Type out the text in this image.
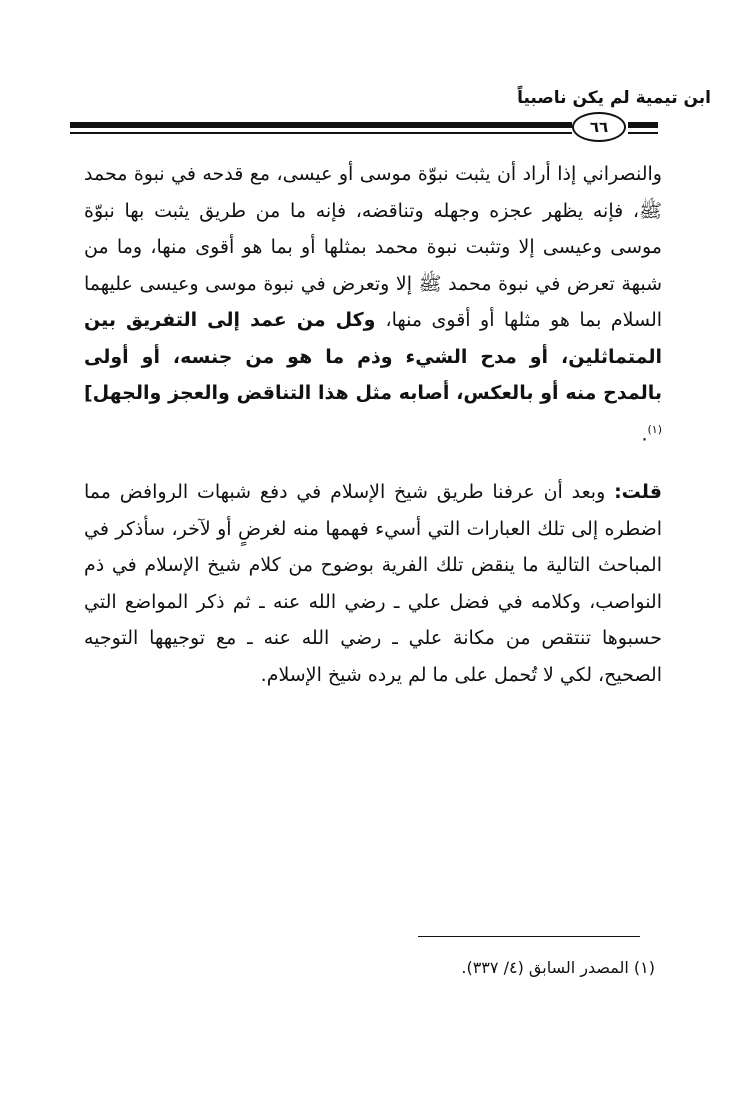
ابن تيمية لم يكن ناصبياً
٦٦
والنصراني إذا أراد أن يثبت نبوّة موسى أو عيسى، مع قدحه في نبوة محمد ﷺ، فإنه يظهر عجزه وجهله وتناقضه، فإنه ما من طريق يثبت بها نبوّة موسى وعيسى إلا وتثبت نبوة محمد بمثلها أو بما هو أقوى منها، وما من شبهة تعرض في نبوة محمد ﷺ إلا وتعرض في نبوة موسى وعيسى عليهما السلام بما هو مثلها أو أقوى منها، وكل من عمد إلى التفريق بين المتماثلين، أو مدح الشيء وذم ما هو من جنسه، أو أولى بالمدح منه أو بالعكس، أصابه مثل هذا التناقض والعجز والجهل]$^{(١)}$.
قلت: وبعد أن عرفنا طريق شيخ الإسلام في دفع شبهات الروافض مما اضطره إلى تلك العبارات التي أسيء فهمها منه لغرضٍ أو لآخر، سأذكر في المباحث التالية ما ينقض تلك الفرية بوضوح من كلام شيخ الإسلام في ذم النواصب، وكلامه في فضل علي ـ رضي الله عنه ـ ثم ذكر المواضع التي حسبوها تنتقص من مكانة علي ـ رضي الله عنه ـ مع توجيهها التوجيه الصحيح، لكي لا تُحمل على ما لم يرده شيخ الإسلام.
(١) المصدر السابق (٤/ ٣٣٧).
